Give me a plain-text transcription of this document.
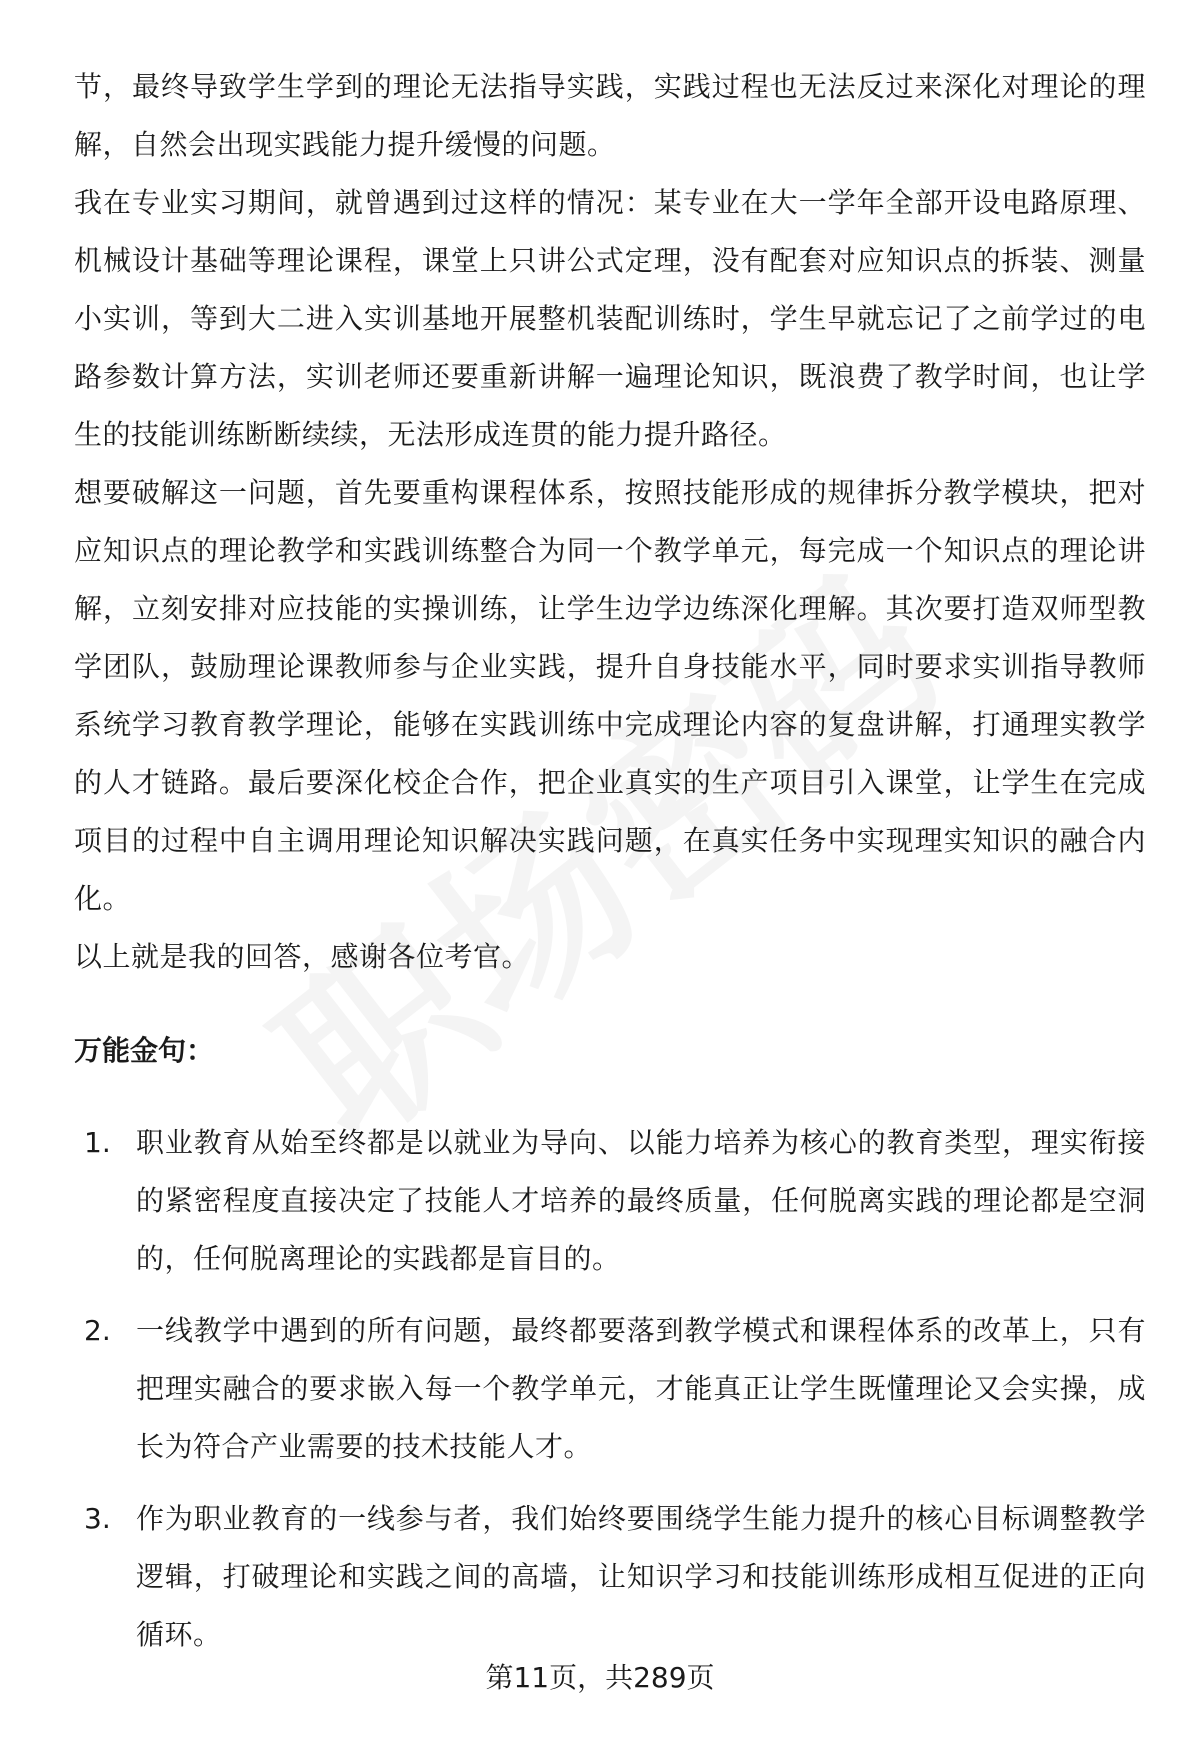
节，最终导致学生学到的理论无法指导实践，实践过程也无法反过来深化对理论的理解，自然会出现实践能力提升缓慢的问题。

我在专业实习期间，就曾遇到过这样的情况：某专业在大一学年全部开设电路原理、机械设计基础等理论课程，课堂上只讲公式定理，没有配套对应知识点的拆装、测量小实训，等到大二进入实训基地开展整机装配训练时，学生早就忘记了之前学过的电路参数计算方法，实训老师还要重新讲解一遍理论知识，既浪费了教学时间，也让学生的技能训练断断续续，无法形成连贯的能力提升路径。

想要破解这一问题，首先要重构课程体系，按照技能形成的规律拆分教学模块，把对应知识点的理论教学和实践训练整合为同一个教学单元，每完成一个知识点的理论讲解，立刻安排对应技能的实操训练，让学生边学边练深化理解。其次要打造双师型教学团队，鼓励理论课教师参与企业实践，提升自身技能水平，同时要求实训指导教师系统学习教育教学理论，能够在实践训练中完成理论内容的复盘讲解，打通理实教学的人才链路。最后要深化校企合作，把企业真实的生产项目引入课堂，让学生在完成项目的过程中自主调用理论知识解决实践问题，在真实任务中实现理实知识的融合内化。

以上就是我的回答，感谢各位考官。

万能金句：
1. 职业教育从始至终都是以就业为导向、以能力培养为核心的教育类型，理实衔接的紧密程度直接决定了技能人才培养的最终质量，任何脱离实践的理论都是空洞的，任何脱离理论的实践都是盲目的。
2. 一线教学中遇到的所有问题，最终都要落到教学模式和课程体系的改革上，只有把理实融合的要求嵌入每一个教学单元，才能真正让学生既懂理论又会实操，成长为符合产业需要的技术技能人才。
3. 作为职业教育的一线参与者，我们始终要围绕学生能力提升的核心目标调整教学逻辑，打破理论和实践之间的高墙，让知识学习和技能训练形成相互促进的正向循环。
第11页，共289页
